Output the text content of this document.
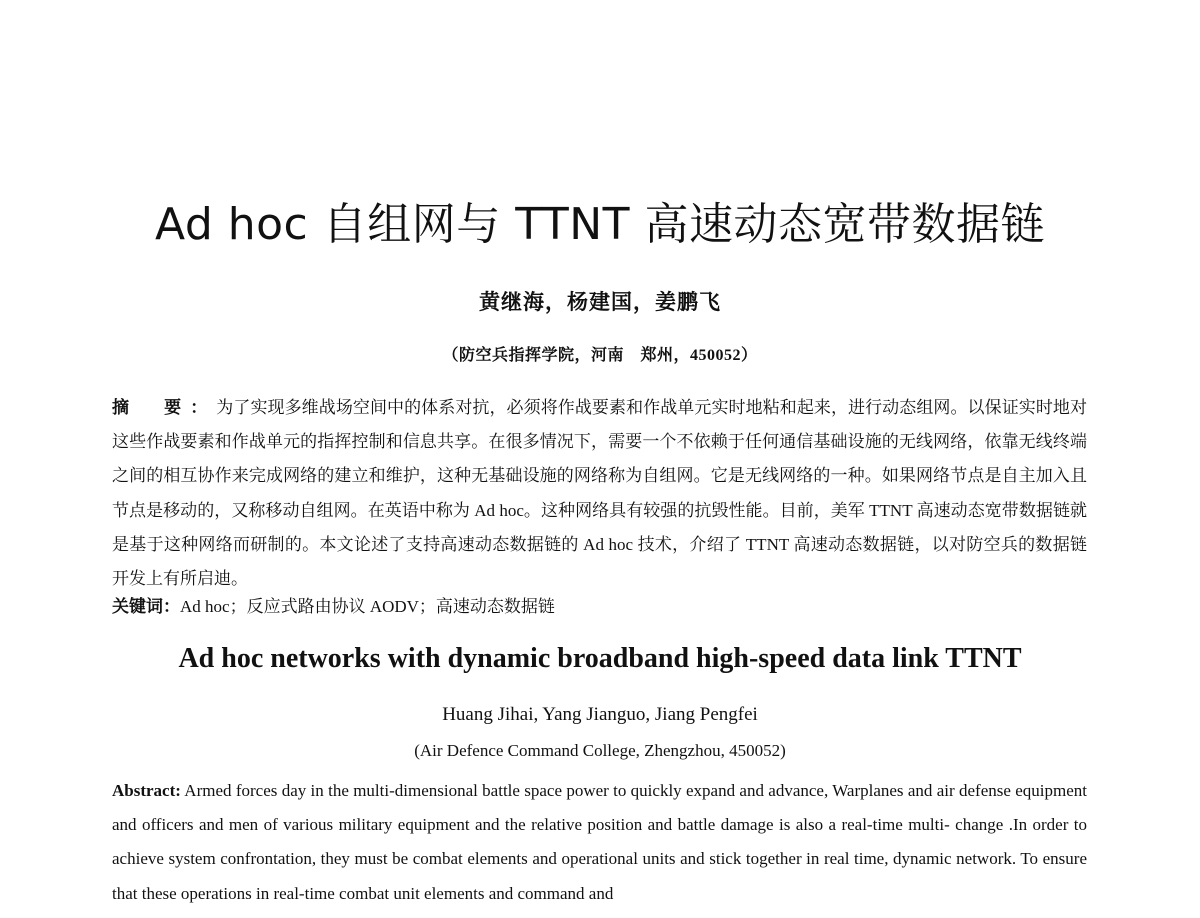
Ad hoc 自组网与 TTNT 高速动态宽带数据链
黄继海，杨建国，姜鹏飞
（防空兵指挥学院，河南　郑州，450052）

摘　要：为了实现多维战场空间中的体系对抗，必须将作战要素和作战单元实时地粘和起来，进行动态组网。以保证实时地对这些作战要素和作战单元的指挥控制和信息共享。在很多情况下，需要一个不依赖于任何通信基础设施的无线网络，依靠无线终端之间的相互协作来完成网络的建立和维护，这种无基础设施的网络称为自组网。它是无线网络的一种。如果网络节点是自主加入且节点是移动的，又称移动自组网。在英语中称为 Ad hoc。这种网络具有较强的抗毁性能。目前，美军 TTNT 高速动态宽带数据链就是基于这种网络而研制的。本文论述了支持高速动态数据链的 Ad hoc 技术，介绍了 TTNT 高速动态数据链，以对防空兵的数据链开发上有所启迪。

关键词：Ad hoc；反应式路由协议 AODV；高速动态数据链

Ad hoc networks with dynamic broadband high-speed data link TTNT
Huang Jihai, Yang Jianguo, Jiang Pengfei
(Air Defence Command College, Zhengzhou, 450052)

Abstract: Armed forces day in the multi-dimensional battle space power to quickly expand and advance, Warplanes and air defense equipment and officers and men of various military equipment and the relative position and battle damage is also a real-time multi- change .In order to achieve system confrontation, they must be combat elements and operational units and stick together in real time, dynamic network. To ensure that these operations in real-time combat unit elements and command and
